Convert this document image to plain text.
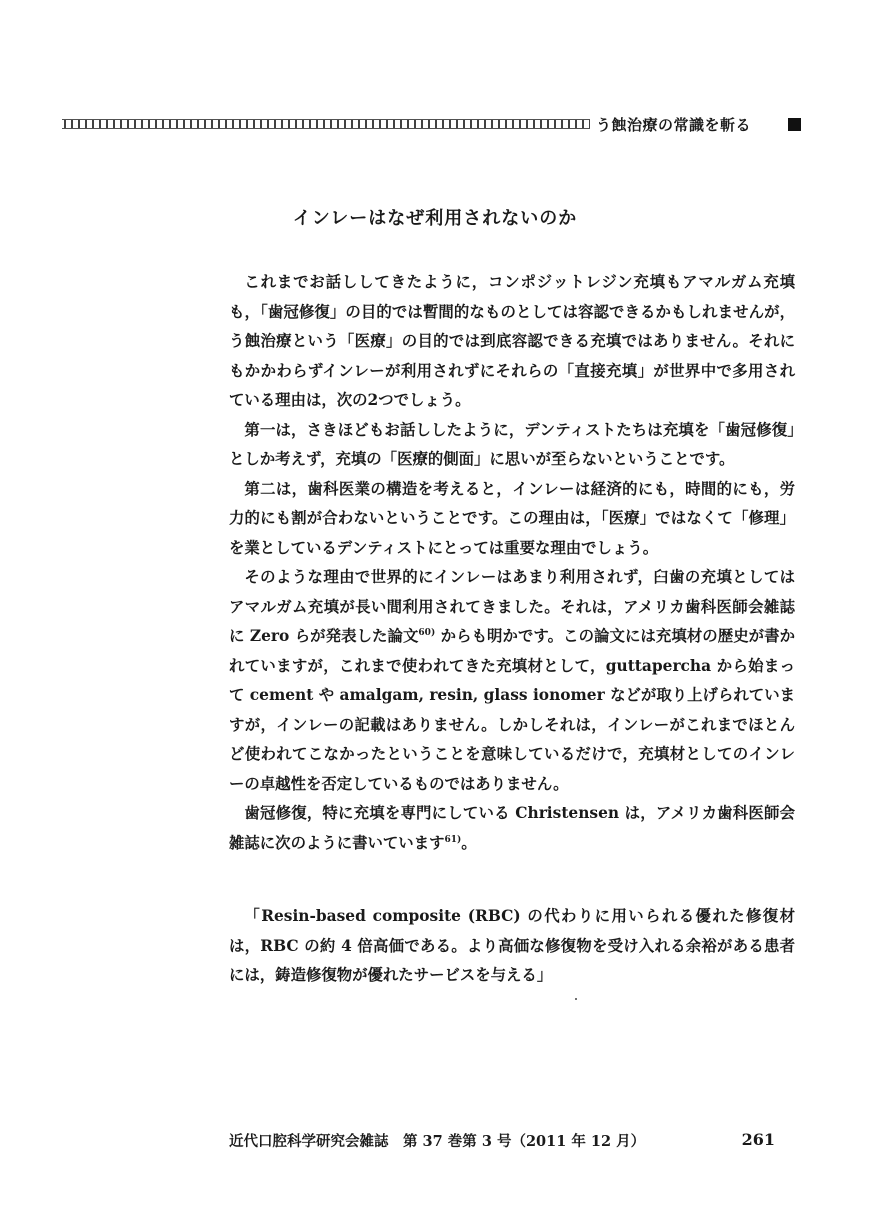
う蝕治療の常識を斬る
インレーはなぜ利用されないのか

これまでお話ししてきたように，コンポジットレジン充填もアマルガム充填も，「歯冠修復」の目的では暫間的なものとしては容認できるかもしれませんが，う蝕治療という「医療」の目的では到底容認できる充填ではありません。それにもかかわらずインレーが利用されずにそれらの「直接充填」が世界中で多用されている理由は，次の2つでしょう。

第一は，さきほどもお話ししたように，デンティストたちは充填を「歯冠修復」としか考えず，充填の「医療的側面」に思いが至らないということです。

第二は，歯科医業の構造を考えると，インレーは経済的にも，時間的にも，労力的にも割が合わないということです。この理由は，「医療」ではなくて「修理」を業としているデンティストにとっては重要な理由でしょう。

そのような理由で世界的にインレーはあまり利用されず，臼歯の充填としてはアマルガム充填が長い間利用されてきました。それは，アメリカ歯科医師会雑誌に Zero らが発表した論文$^{60)}$ からも明かです。この論文には充填材の歴史が書かれていますが，これまで使われてきた充填材として，guttapercha から始まって cement や amalgam, resin, glass ionomer などが取り上げられていますが，インレーの記載はありません。しかしそれは，インレーがこれまでほとんど使われてこなかったということを意味しているだけで，充填材としてのインレーの卓越性を否定しているものではありません。

歯冠修復，特に充填を専門にしている Christensen は，アメリカ歯科医師会雑誌に次のように書いています$^{61)}$。

「Resin-based composite (RBC) の代わりに用いられる優れた修復材は，RBC の約 4 倍高価である。より高価な修復物を受け入れる余裕がある患者には，鋳造修復物が優れたサービスを与える」

近代口腔科学研究会雑誌　第 37 巻第 3 号（2011 年 12 月）	261
